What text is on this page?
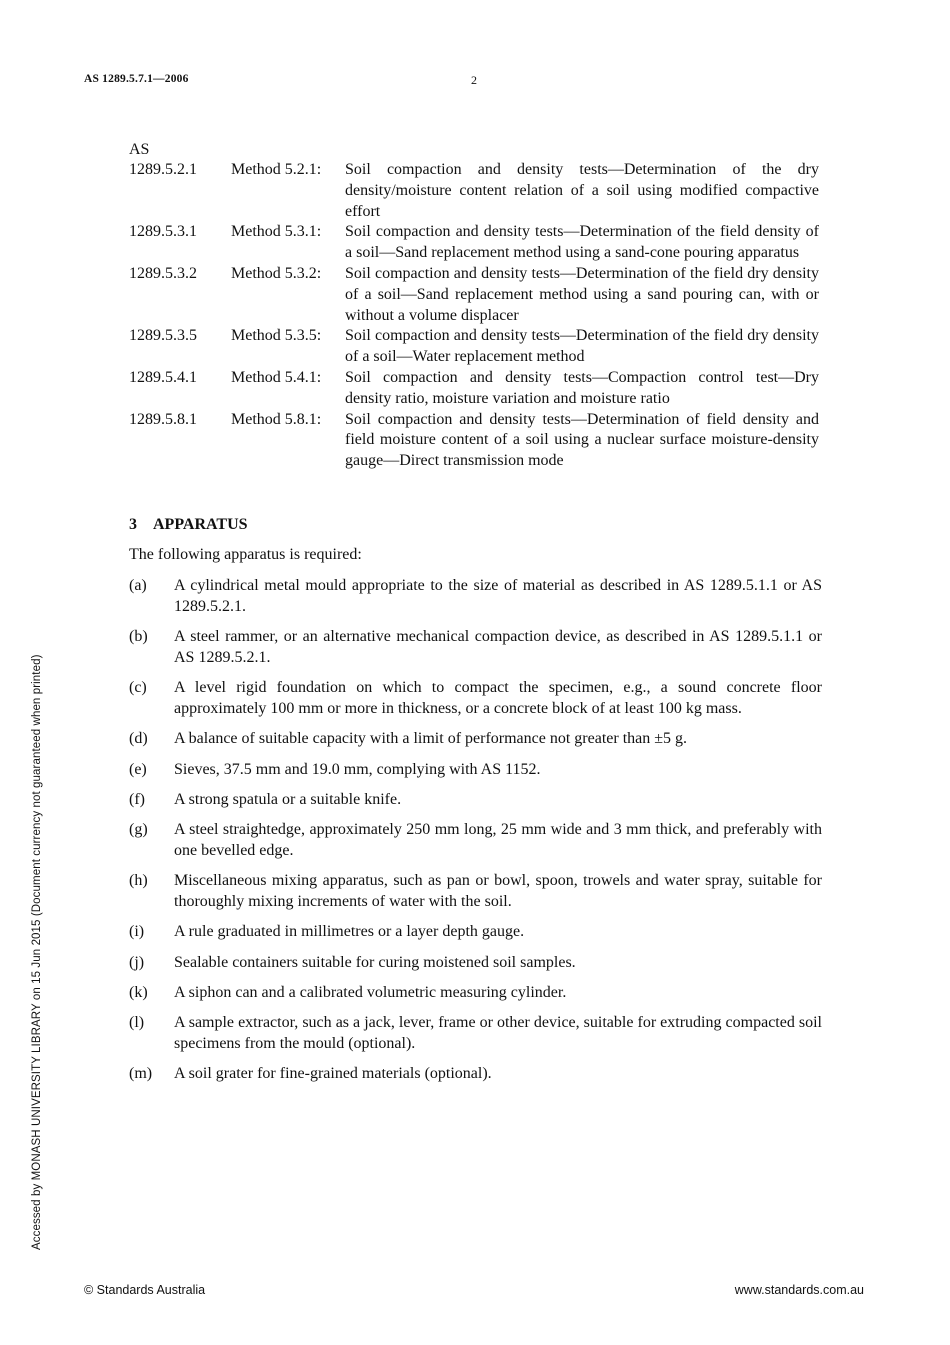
AS 1289.5.7.1—2006	2
Accessed by MONASH UNIVERSITY LIBRARY on 15 Jun 2015 (Document currency not guaranteed when printed)
AS
1289.5.2.1 Method 5.2.1: Soil compaction and density tests—Determination of the dry density/moisture content relation of a soil using modified compactive effort
1289.5.3.1 Method 5.3.1: Soil compaction and density tests—Determination of the field density of a soil—Sand replacement method using a sand-cone pouring apparatus
1289.5.3.2 Method 5.3.2: Soil compaction and density tests—Determination of the field dry density of a soil—Sand replacement method using a sand pouring can, with or without a volume displacer
1289.5.3.5 Method 5.3.5: Soil compaction and density tests—Determination of the field dry density of a soil—Water replacement method
1289.5.4.1 Method 5.4.1: Soil compaction and density tests—Compaction control test—Dry density ratio, moisture variation and moisture ratio
1289.5.8.1 Method 5.8.1: Soil compaction and density tests—Determination of field density and field moisture content of a soil using a nuclear surface moisture-density gauge—Direct transmission mode
3 APPARATUS
The following apparatus is required:
(a) A cylindrical metal mould appropriate to the size of material as described in AS 1289.5.1.1 or AS 1289.5.2.1.
(b) A steel rammer, or an alternative mechanical compaction device, as described in AS 1289.5.1.1 or AS 1289.5.2.1.
(c) A level rigid foundation on which to compact the specimen, e.g., a sound concrete floor approximately 100 mm or more in thickness, or a concrete block of at least 100 kg mass.
(d) A balance of suitable capacity with a limit of performance not greater than ±5 g.
(e) Sieves, 37.5 mm and 19.0 mm, complying with AS 1152.
(f) A strong spatula or a suitable knife.
(g) A steel straightedge, approximately 250 mm long, 25 mm wide and 3 mm thick, and preferably with one bevelled edge.
(h) Miscellaneous mixing apparatus, such as pan or bowl, spoon, trowels and water spray, suitable for thoroughly mixing increments of water with the soil.
(i) A rule graduated in millimetres or a layer depth gauge.
(j) Sealable containers suitable for curing moistened soil samples.
(k) A siphon can and a calibrated volumetric measuring cylinder.
(l) A sample extractor, such as a jack, lever, frame or other device, suitable for extruding compacted soil specimens from the mould (optional).
(m) A soil grater for fine-grained materials (optional).
© Standards Australia	www.standards.com.au
